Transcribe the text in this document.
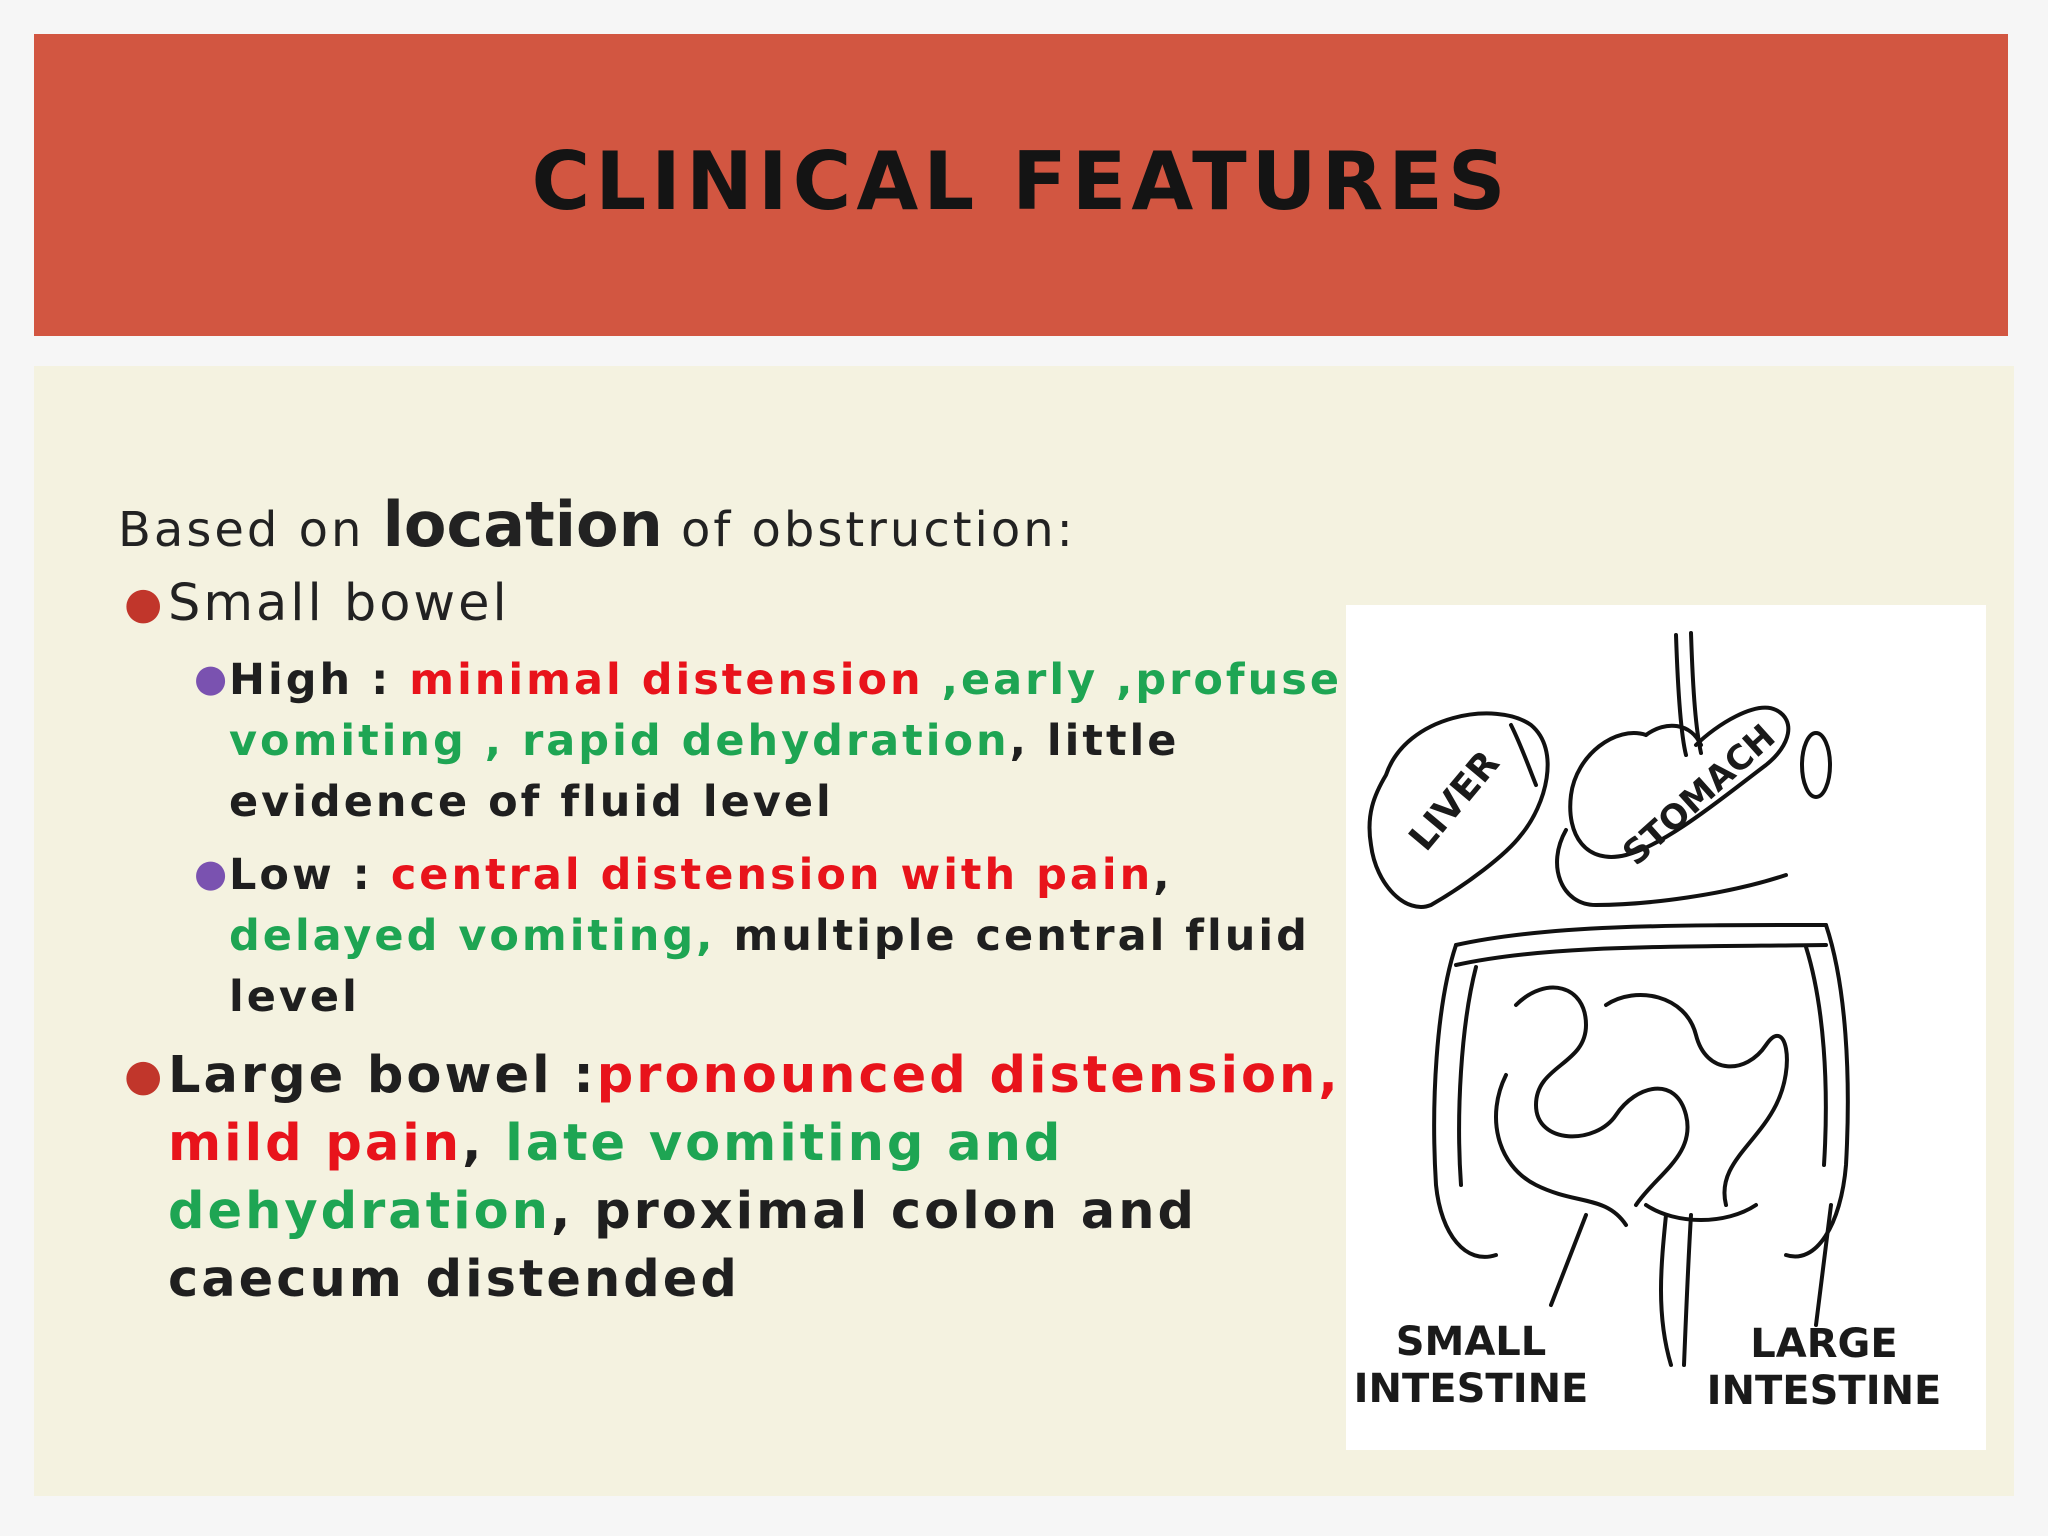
CLINICAL FEATURES
Based on location of obstruction:
● Small bowel
●
High : minimal distension ,early ,profuse vomiting , rapid dehydration, little evidence of fluid level
●
Low : central distension with pain, delayed vomiting, multiple central fluid level
● Large bowel :pronounced distension, mild pain, late vomiting and dehydration, proximal colon and caecum distended
LIVER	STOMACH
SMALL
INTESTINE
LARGE
INTESTINE
